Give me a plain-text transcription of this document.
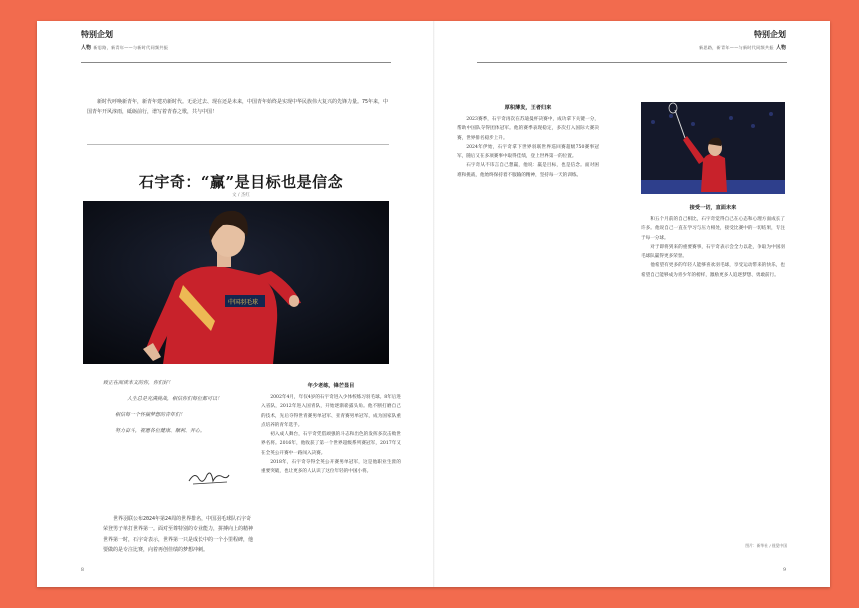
特别企划
人物 新思路，新青年——与新时代同频共振
特别企划
新思路，新青年——与新时代同频共振 人物

新时代呼唤新青年，新青年建功新时代。无论过去、现在还是未来，中国青年始终是实现中华民族伟大复兴的先锋力量。75年来，中国青年开风淳雨，砥砺前行，谱写着青春之歌，共与中国！

石宇奇：“赢”是目标也是信念
文 / 杰红
中国羽毛球
致正在阅读本文的你，你们好！
人生总是充满挑战，相信你们每位都可以！
相信每一个怀揣梦想的青年们！
努力奋斗，祝愿各位健康、顺利、开心。

世界羽联公布2024年第24周的世界排名，中国羽毛球队石宇奇荣登男子单打世界第一。面对至尊特别的专业能力，拼搏向上的精神世界第一时，石宇奇表示，世界第一只是成长中的一个小里程碑，他要做的是专注比赛，向着再创佳绩的梦想冲刺。

年少老练，锋芒显目

2002年4月，年仅4岁的石宇奇进入少体校练习羽毛球。8年后进入省队，2012年进入国青队，开始逐渐崭露头角。他不断打磨自己的技术，先后夺得世青赛男单冠军、亚青赛男单冠军，成为国家队重点培养的青年选手。

初入成人舞台，石宇奇凭借顽强的斗志和出色的发挥多次击败世界名将。2016年，他收获了第一个世界超级系列赛冠军，2017年又在全英公开赛中一路闯入决赛。

2018年，石宇奇夺得全英公开赛男单冠军，这是他职业生涯的重要突破，也让更多的人认识了这位年轻的中国小将。

厚积薄发，王者归来

2023赛季，石宇奇再次在苏迪曼杯决赛中，成功拿下关键一分，帮助中国队夺得团体冠军。他的赛季表现稳定，多次打入国际大赛决赛，世界排名稳步上升。

2024年伊始，石宇奇拿下世界羽联世界巡回赛超级750赛事冠军，随后又在多项赛事中取得佳绩，登上世界第一的位置。

石宇奇从不讳言自己想赢，他说：赢是目标，也是信念。面对困难和挑战，他始终保持着不服输的精神，坚持每一天的训练。

接受一切，直面未来

和五个月前的自己相比，石宇奇觉得自己在心态和心理方面成长了许多。他说自己一直在学习与压力相处，接受比赛中的一切结果，专注于每一分球。

对于即将到来的重要赛事，石宇奇表示会全力以赴，争取为中国羽毛球队赢得更多荣誉。

他希望有更多的年轻人能够喜欢羽毛球，享受运动带来的快乐，也希望自己能够成为青少年的榜样，激励更多人追逐梦想、勇敢前行。

图片：新华社 / 视觉中国
8	9
